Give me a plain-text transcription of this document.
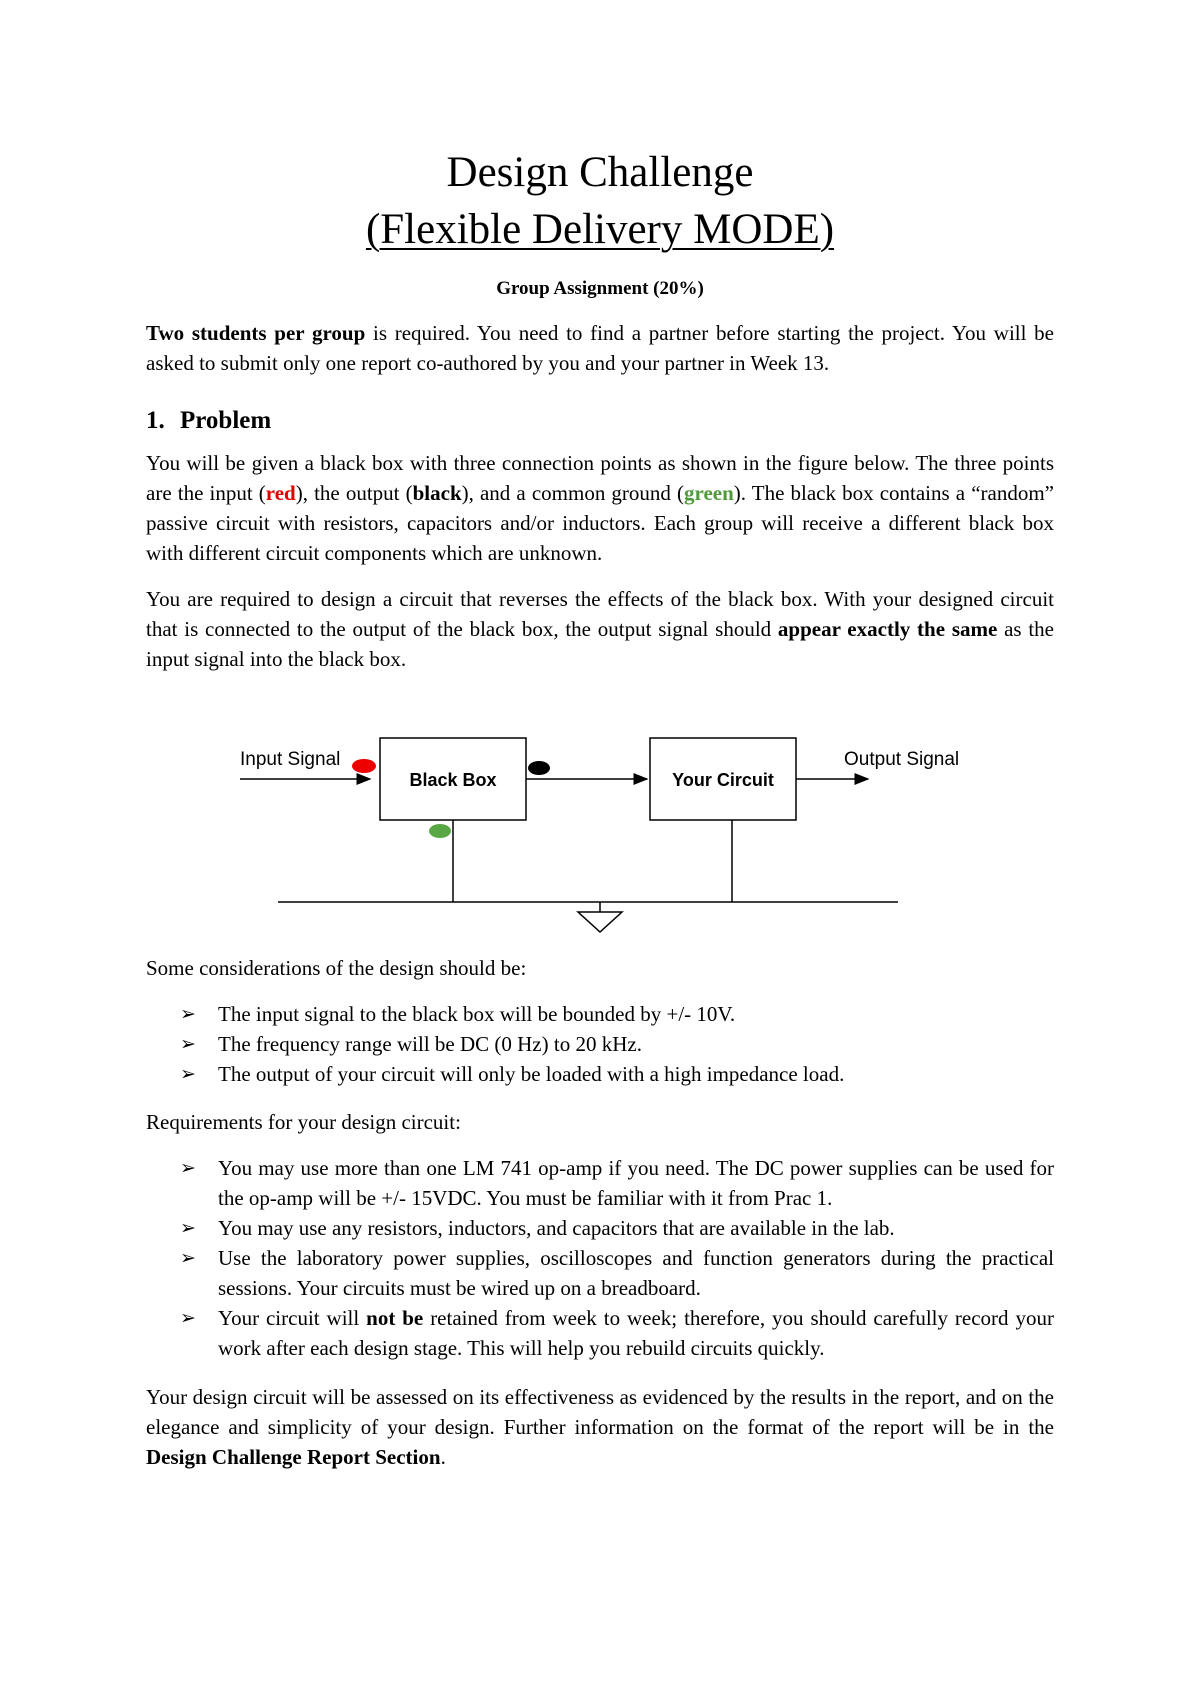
Design Challenge
(Flexible Delivery MODE)
Group Assignment (20%)
Two students per group is required. You need to find a partner before starting the project. You will be asked to submit only one report co-authored by you and your partner in Week 13.
1. Problem
You will be given a black box with three connection points as shown in the figure below. The three points are the input (red), the output (black), and a common ground (green). The black box contains a “random” passive circuit with resistors, capacitors and/or inductors. Each group will receive a different black box with different circuit components which are unknown.
You are required to design a circuit that reverses the effects of the black box. With your designed circuit that is connected to the output of the black box, the output signal should appear exactly the same as the input signal into the black box.
Input Signal
Black Box	Your Circuit
Output Signal
Some considerations of the design should be:
➢ The input signal to the black box will be bounded by +/- 10V.
➢ The frequency range will be DC (0 Hz) to 20 kHz.
➢ The output of your circuit will only be loaded with a high impedance load.
Requirements for your design circuit:
➢ You may use more than one LM 741 op-amp if you need. The DC power supplies can be used for the op-amp will be +/- 15VDC. You must be familiar with it from Prac 1.
➢ You may use any resistors, inductors, and capacitors that are available in the lab.
➢ Use the laboratory power supplies, oscilloscopes and function generators during the practical sessions. Your circuits must be wired up on a breadboard.
➢ Your circuit will not be retained from week to week; therefore, you should carefully record your work after each design stage. This will help you rebuild circuits quickly.
Your design circuit will be assessed on its effectiveness as evidenced by the results in the report, and on the elegance and simplicity of your design. Further information on the format of the report will be in the Design Challenge Report Section.
